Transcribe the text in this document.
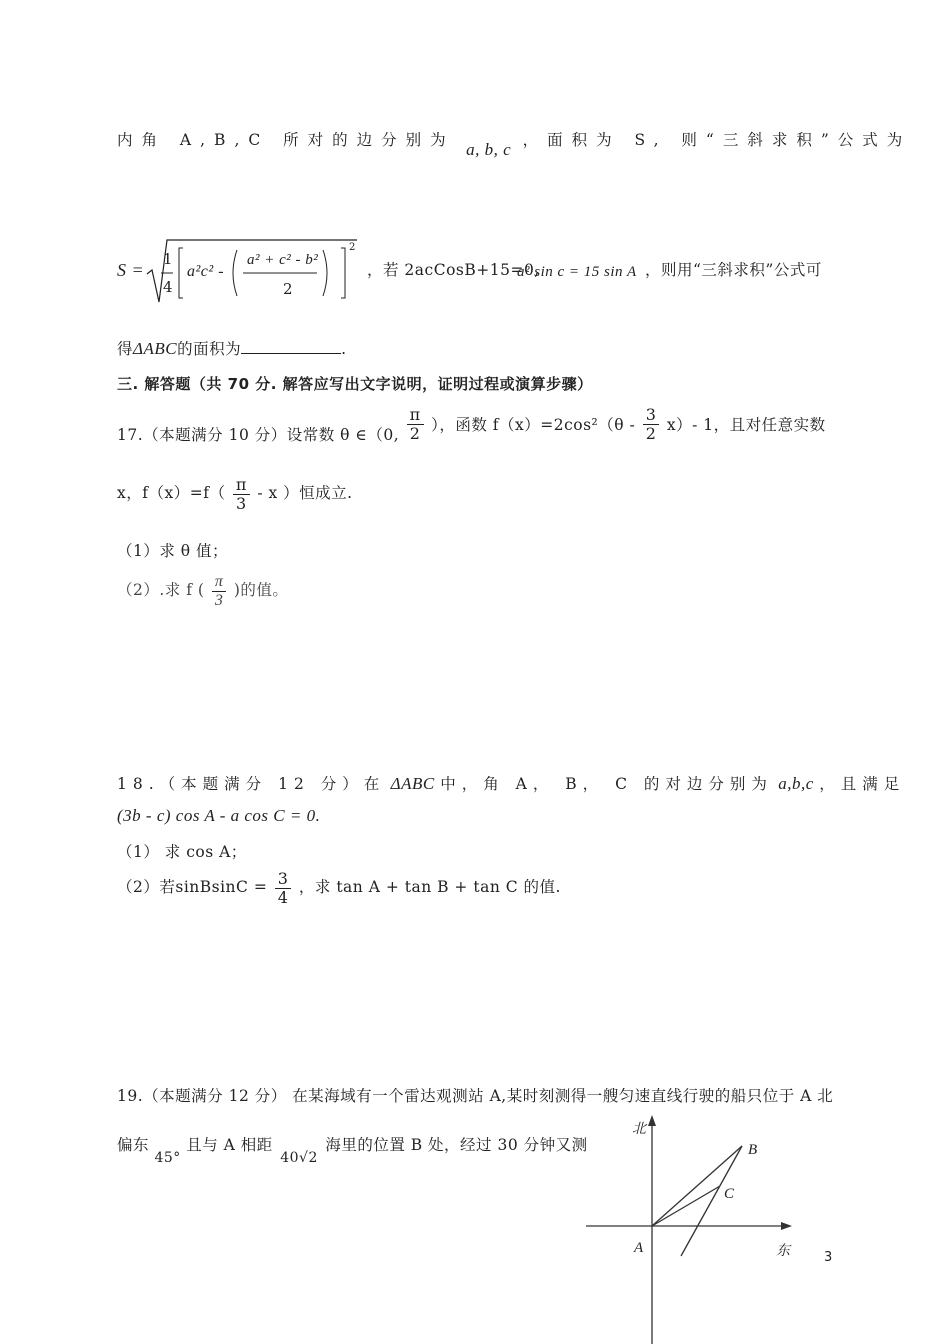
内角 A,B,C 所对的边分别为 a, b, c ，面积为 S, 则“三斜求积”公式为
S =
1
4
a²c² -
a² + c² - b²
2
2
，若 2acCosB+15=0,
a² sin c = 15 sin A ，则用“三斜求积”公式可
得ΔABC的面积为	.
三. 解答题（共 70 分. 解答应写出文字说明，证明过程或演算步骤）
17.（本题满分 10 分）设常数 θ ∈（0, $\frac{\pi}{2}$ ），函数 $f(x)=2\cos^2(\theta - \frac{3}{2} x)-$ 1，且对任意实数
x，$f(x)=f( \frac{\pi}{3} - x$ ）恒成立.
（1）求 θ 值；
（2）.求 f ( $\frac{\pi}{3}$ )的值。
18.（本题满分 12 分）在 ΔABC 中，角 A， B， C 的对边分别为 a,b,c ，且满足
(3b - c) cos A - a cos C = 0.
（1） 求 cos A；
（2）若sinBsinC = $\frac{3}{4}$ ，求 tan A + tan B + tan C 的值.
19.（本题满分 12 分） 在某海域有一个雷达观测站 A,某时刻测得一艘匀速直线行驶的船只位于 A 北
偏东 45° 且与 A 相距 40√2 海里的位置 B 处，经过 30 分钟又测
北
东
A
B
C
3
